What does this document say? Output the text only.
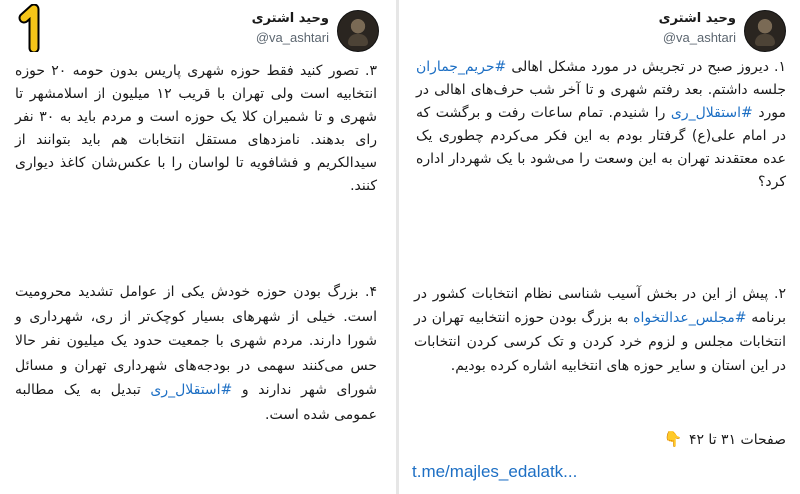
وحید اشتری
@va_ashtari

۳. تصور کنید فقط حوزه شهری پاریس بدون حومه ۲۰ حوزه انتخابیه است ولی تهران با قریب ۱۲ میلیون از اسلامشهر تا شهری و تا شمیران کلا یک حوزه است و مردم باید به ۳۰ نفر رای بدهند. نامزدهای مستقل انتخابات هم باید بتوانند از سیدالکریم و فشافویه تا لواسان را با عکس‌شان کاغذ دیواری کنند.

۴. بزرگ بودن حوزه خودش یکی از عوامل تشدید محرومیت است. خیلی از شهرهای بسیار کوچک‌تر از ری، شهرداری و شورا دارند. مردم شهری با جمعیت حدود یک میلیون نفر حالا حس می‌کنند سهمی در بودجه‌های شهرداری تهران و مسائل شورای شهر ندارند و #استقلال_ری تبدیل به یک مطالبه عمومی شده است.

وحید اشتری
@va_ashtari

۱. دیروز صبح در تجریش در مورد مشکل اهالی #حریم_جماران جلسه داشتم. بعد رفتم شهری و تا آخر شب حرف‌های اهالی در مورد #استقلال_ری را شنیدم. تمام ساعات رفت و برگشت که در امام علی(ع) گرفتار بودم به این فکر می‌کردم چطوری یک عده معتقدند تهران به این وسعت را می‌شود با یک شهردار اداره کرد؟

۲. پیش از این در بخش آسیب شناسی نظام انتخابات کشور در برنامه #مجلس_عدالتخواه به بزرگ بودن حوزه انتخابیه تهران در انتخابات مجلس و لزوم خرد کردن و تک کرسی کردن انتخابات در این استان و سایر حوزه های انتخابیه اشاره کرده بودیم.

صفحات ۳۱ تا ۴۲ 👇
t.me/majles_edalatk...
